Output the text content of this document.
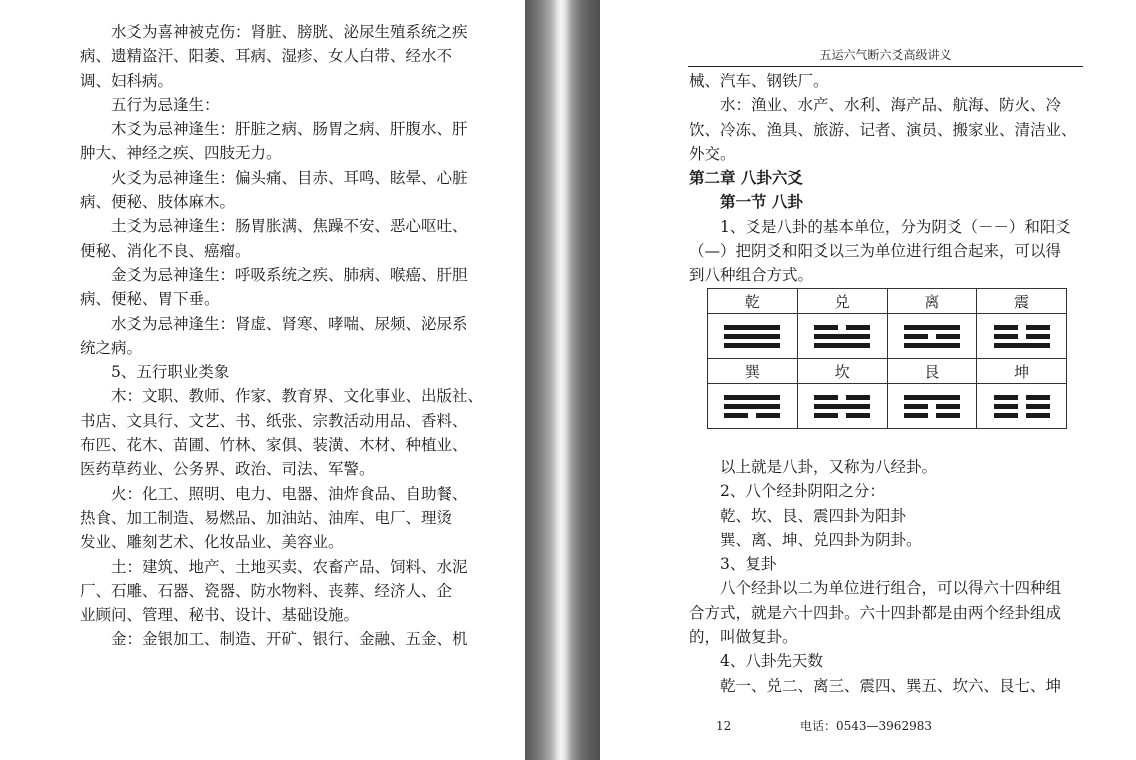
水爻为喜神被克伤：肾脏、膀胱、泌尿生殖系统之疾
病、遗精盗汗、阳萎、耳病、湿疹、女人白带、经水不
调、妇科病。
五行为忌逢生：
木爻为忌神逢生：肝脏之病、肠胃之病、肝腹水、肝
肿大、神经之疾、四肢无力。
火爻为忌神逢生：偏头痛、目赤、耳鸣、眩晕、心脏
病、便秘、肢体麻木。
土爻为忌神逢生：肠胃胀满、焦躁不安、恶心呕吐、
便秘、消化不良、癌瘤。
金爻为忌神逢生：呼吸系统之疾、肺病、喉癌、肝胆
病、便秘、胃下垂。
水爻为忌神逢生：肾虚、肾寒、哮喘、尿频、泌尿系
统之病。
5、五行职业类象
木：文职、教师、作家、教育界、文化事业、出版社、
书店、文具行、文艺、书、纸张、宗教活动用品、香料、
布匹、花木、苗圃、竹林、家俱、装潢、木材、种植业、
医药草药业、公务界、政治、司法、军警。
火：化工、照明、电力、电器、油炸食品、自助餐、
热食、加工制造、易燃品、加油站、油库、电厂、理烫
发业、雕刻艺术、化妆品业、美容业。
土：建筑、地产、土地买卖、农畜产品、饲料、水泥
厂、石雕、石器、瓷器、防水物料、丧葬、经济人、企
业顾问、管理、秘书、设计、基础设施。
金：金银加工、制造、开矿、银行、金融、五金、机
五运六气断六爻高级讲义
械、汽车、钢铁厂。
水：渔业、水产、水利、海产品、航海、防火、冷
饮、冷冻、渔具、旅游、记者、演员、搬家业、清洁业、
外交。
第二章 八卦六爻
第一节 八卦
1、爻是八卦的基本单位，分为阴爻（－－）和阳爻
（—）把阴爻和阳爻以三为单位进行组合起来，可以得
到八种组合方式。
乾	兑	离	震

巽	坎	艮	坤

以上就是八卦，又称为八经卦。
2、八个经卦阴阳之分：
乾、坎、艮、震四卦为阳卦
巽、离、坤、兑四卦为阴卦。
3、复卦
八个经卦以二为单位进行组合，可以得六十四种组
合方式，就是六十四卦。六十四卦都是由两个经卦组成
的，叫做复卦。
4、八卦先天数
乾一、兑二、离三、震四、巽五、坎六、艮七、坤
12	电话：0543—3962983
